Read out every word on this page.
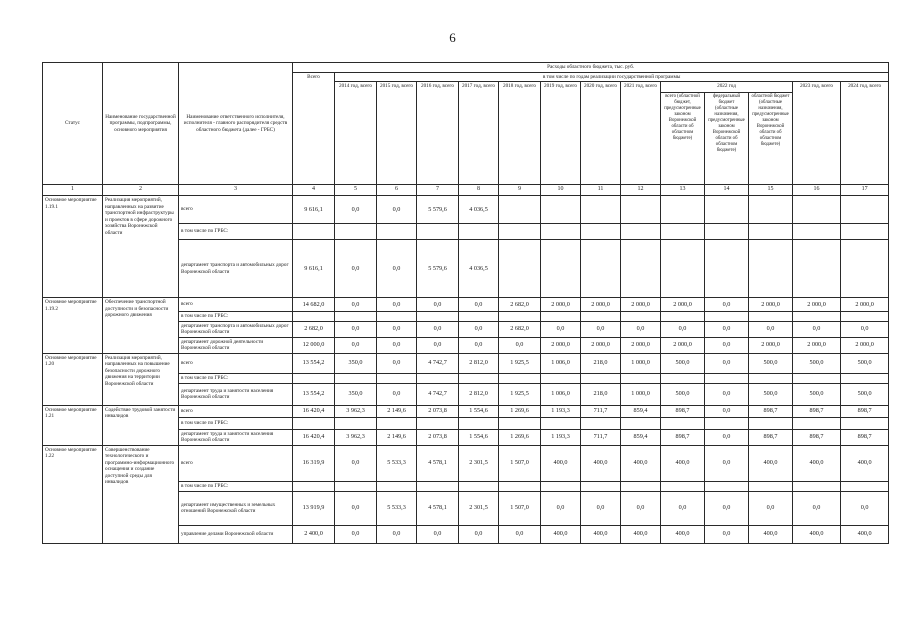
6
Статус	Наименование государственной программы, подпрограммы, основного мероприятия	Наименование ответственного исполнителя, исполнителя - главного распорядителя средств областного бюджета (далее - ГРБС)	Расходы областного бюджета, тыс. руб.													
			Всего	в том числе по годам реализации государственной программы												
				2014 год, всего	2015 год, всего	2016 год, всего	2017 год, всего	2018 год, всего	2019 год, всего	2020 год, всего	2021 год, всего	2022 год			2023 год, всего	2024 год, всего
												всего (областной бюджет, предусмотренные законом Воронежской области об областном бюджете)	федеральный бюджет (областные назначения, предусмотренные законом Воронежской области об областном бюджете)	областной бюджет (областные назначения, предусмотренные законом Воронежской области об областном бюджете)		
1	2	3	4	5	6	7	8	9	10	11	12	13	14	15	16	17
Основное мероприятие 1.19.1	Реализация мероприятий, направленных на развитие транспортной инфраструктуры и проектов в сфере дорожного хозяйства Воронежской области	всего	9 616,1	0,0	0,0	5 579,6	4 036,5									
		в том числе по ГРБС:														
		департамент транспорта и автомобильных дорог Воронежской области	9 616,1	0,0	0,0	5 579,6	4 036,5									
Основное мероприятие 1.19.2	Обеспечение транспортной доступности и безопасности дорожного движения	всего	14 682,0	0,0	0,0	0,0	0,0	2 682,0	2 000,0	2 000,0	2 000,0	2 000,0	0,0	2 000,0	2 000,0	2 000,0
		в том числе по ГРБС:														
		департамент транспорта и автомобильных дорог Воронежской области	2 682,0	0,0	0,0	0,0	0,0	2 682,0	0,0	0,0	0,0	0,0	0,0	0,0	0,0	0,0
		департамент дорожной деятельности Воронежской области	12 000,0	0,0	0,0	0,0	0,0	0,0	2 000,0	2 000,0	2 000,0	2 000,0	0,0	2 000,0	2 000,0	2 000,0
Основное мероприятие 1.20	Реализация мероприятий, направленных на повышение безопасности дорожного движения на территории Воронежской области	всего	13 554,2	350,0	0,0	4 742,7	2 812,0	1 925,5	1 006,0	218,0	1 000,0	500,0	0,0	500,0	500,0	500,0
		в том числе по ГРБС:														
		департамент труда и занятости населения Воронежской области	13 554,2	350,0	0,0	4 742,7	2 812,0	1 925,5	1 006,0	218,0	1 000,0	500,0	0,0	500,0	500,0	500,0
Основное мероприятие 1.21	Содействие трудовой занятости инвалидов	всего	16 420,4	3 962,3	2 149,6	2 073,8	1 554,6	1 269,6	1 193,3	711,7	859,4	898,7	0,0	898,7	898,7	898,7
		в том числе по ГРБС:														
		департамент труда и занятости населения Воронежской области	16 420,4	3 962,3	2 149,6	2 073,8	1 554,6	1 269,6	1 193,3	711,7	859,4	898,7	0,0	898,7	898,7	898,7
Основное мероприятие 1.22	Совершенствование технологического и программно-информационного оснащения и создание доступной среды для инвалидов	всего	16 319,9	0,0	5 533,3	4 578,1	2 301,5	1 507,0	400,0	400,0	400,0	400,0	0,0	400,0	400,0	400,0
		в том числе по ГРБС:														
		департамент имущественных и земельных отношений Воронежской области	13 919,9	0,0	5 533,3	4 578,1	2 301,5	1 507,0	0,0	0,0	0,0	0,0	0,0	0,0	0,0	0,0
		управление делами Воронежской области	2 400,0	0,0	0,0	0,0	0,0	0,0	400,0	400,0	400,0	400,0	0,0	400,0	400,0	400,0
